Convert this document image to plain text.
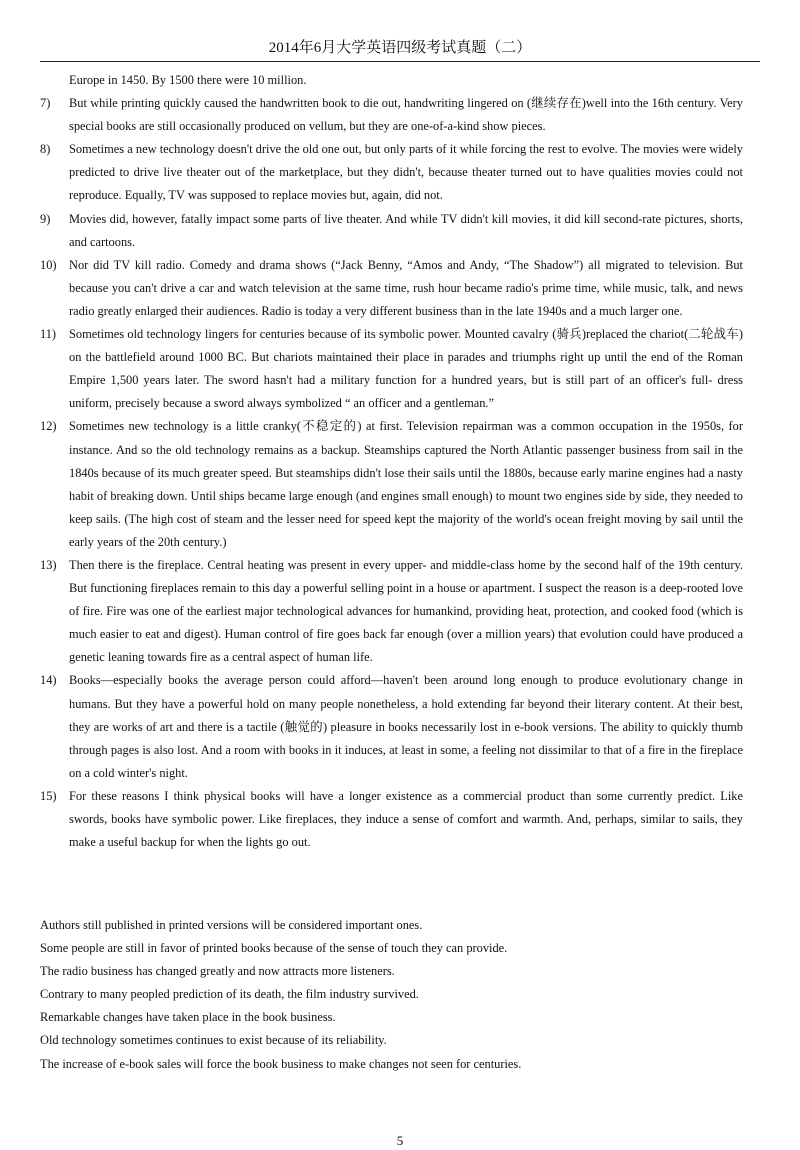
2014年6月大学英语四级考试真题（二）
Europe in 1450. By 1500 there were 10 million.
7)	But while printing quickly caused the handwritten book to die out, handwriting lingered on (继续存在)well into the 16th century. Very special books are still occasionally produced on vellum, but they are one-of-a-kind show pieces.
8)	Sometimes a new technology doesn't drive the old one out, but only parts of it while forcing the rest to evolve. The movies were widely predicted to drive live theater out of the marketplace, but they didn't, because theater turned out to have qualities movies could not reproduce. Equally, TV was supposed to replace movies but, again, did not.
9)	Movies did, however, fatally impact some parts of live theater. And while TV didn't kill movies, it did kill second-rate pictures, shorts, and cartoons.
10)	Nor did TV kill radio. Comedy and drama shows (“Jack Benny, “Amos and Andy, “The Shadow”) all migrated to television. But because you can't drive a car and watch television at the same time, rush hour became radio's prime time, while music, talk, and news radio greatly enlarged their audiences. Radio is today a very different business than in the late 1940s and a much larger one.
11)	Sometimes old technology lingers for centuries because of its symbolic power. Mounted cavalry (骑兵)replaced the chariot(二轮战车) on the battlefield around 1000 BC. But chariots maintained their place in parades and triumphs right up until the end of the Roman Empire 1,500 years later. The sword hasn't had a military function for a hundred years, but is still part of an officer's full- dress uniform, precisely because a sword always symbolized “ an officer and a gentleman.”
12)	Sometimes new technology is a little cranky(不稳定的) at first. Television repairman was a common occupation in the 1950s, for instance. And so the old technology remains as a backup. Steamships captured the North Atlantic passenger business from sail in the 1840s because of its much greater speed. But steamships didn't lose their sails until the 1880s, because early marine engines had a nasty habit of breaking down. Until ships became large enough (and engines small enough) to mount two engines side by side, they needed to keep sails. (The high cost of steam and the lesser need for speed kept the majority of the world's ocean freight moving by sail until the early years of the 20th century.)
13)	Then there is the fireplace. Central heating was present in every upper- and middle-class home by the second half of the 19th century. But functioning fireplaces remain to this day a powerful selling point in a house or apartment. I suspect the reason is a deep-rooted love of fire. Fire was one of the earliest major technological advances for humankind, providing heat, protection, and cooked food (which is much easier to eat and digest). Human control of fire goes back far enough (over a million years) that evolution could have produced a genetic leaning towards fire as a central aspect of human life.
14)	Books—especially books the average person could afford—haven't been around long enough to produce evolutionary change in humans. But they have a powerful hold on many people nonetheless, a hold extending far beyond their literary content. At their best, they are works of art and there is a tactile (触觉的) pleasure in books necessarily lost in e-book versions. The ability to quickly thumb through pages is also lost. And a room with books in it induces, at least in some, a feeling not dissimilar to that of a fire in the fireplace on a cold winter's night.
15)	For these reasons I think physical books will have a longer existence as a commercial product than some currently predict. Like swords, books have symbolic power. Like fireplaces, they induce a sense of comfort and warmth. And, perhaps, similar to sails, they make a useful backup for when the lights go out.
Authors still published in printed versions will be considered important ones.
Some people are still in favor of printed books because of the sense of touch they can provide.
The radio business has changed greatly and now attracts more listeners.
Contrary to many peopled prediction of its death, the film industry survived.
Remarkable changes have taken place in the book business.
Old technology sometimes continues to exist because of its reliability.
The increase of e-book sales will force the book business to make changes not seen for centuries.
5
